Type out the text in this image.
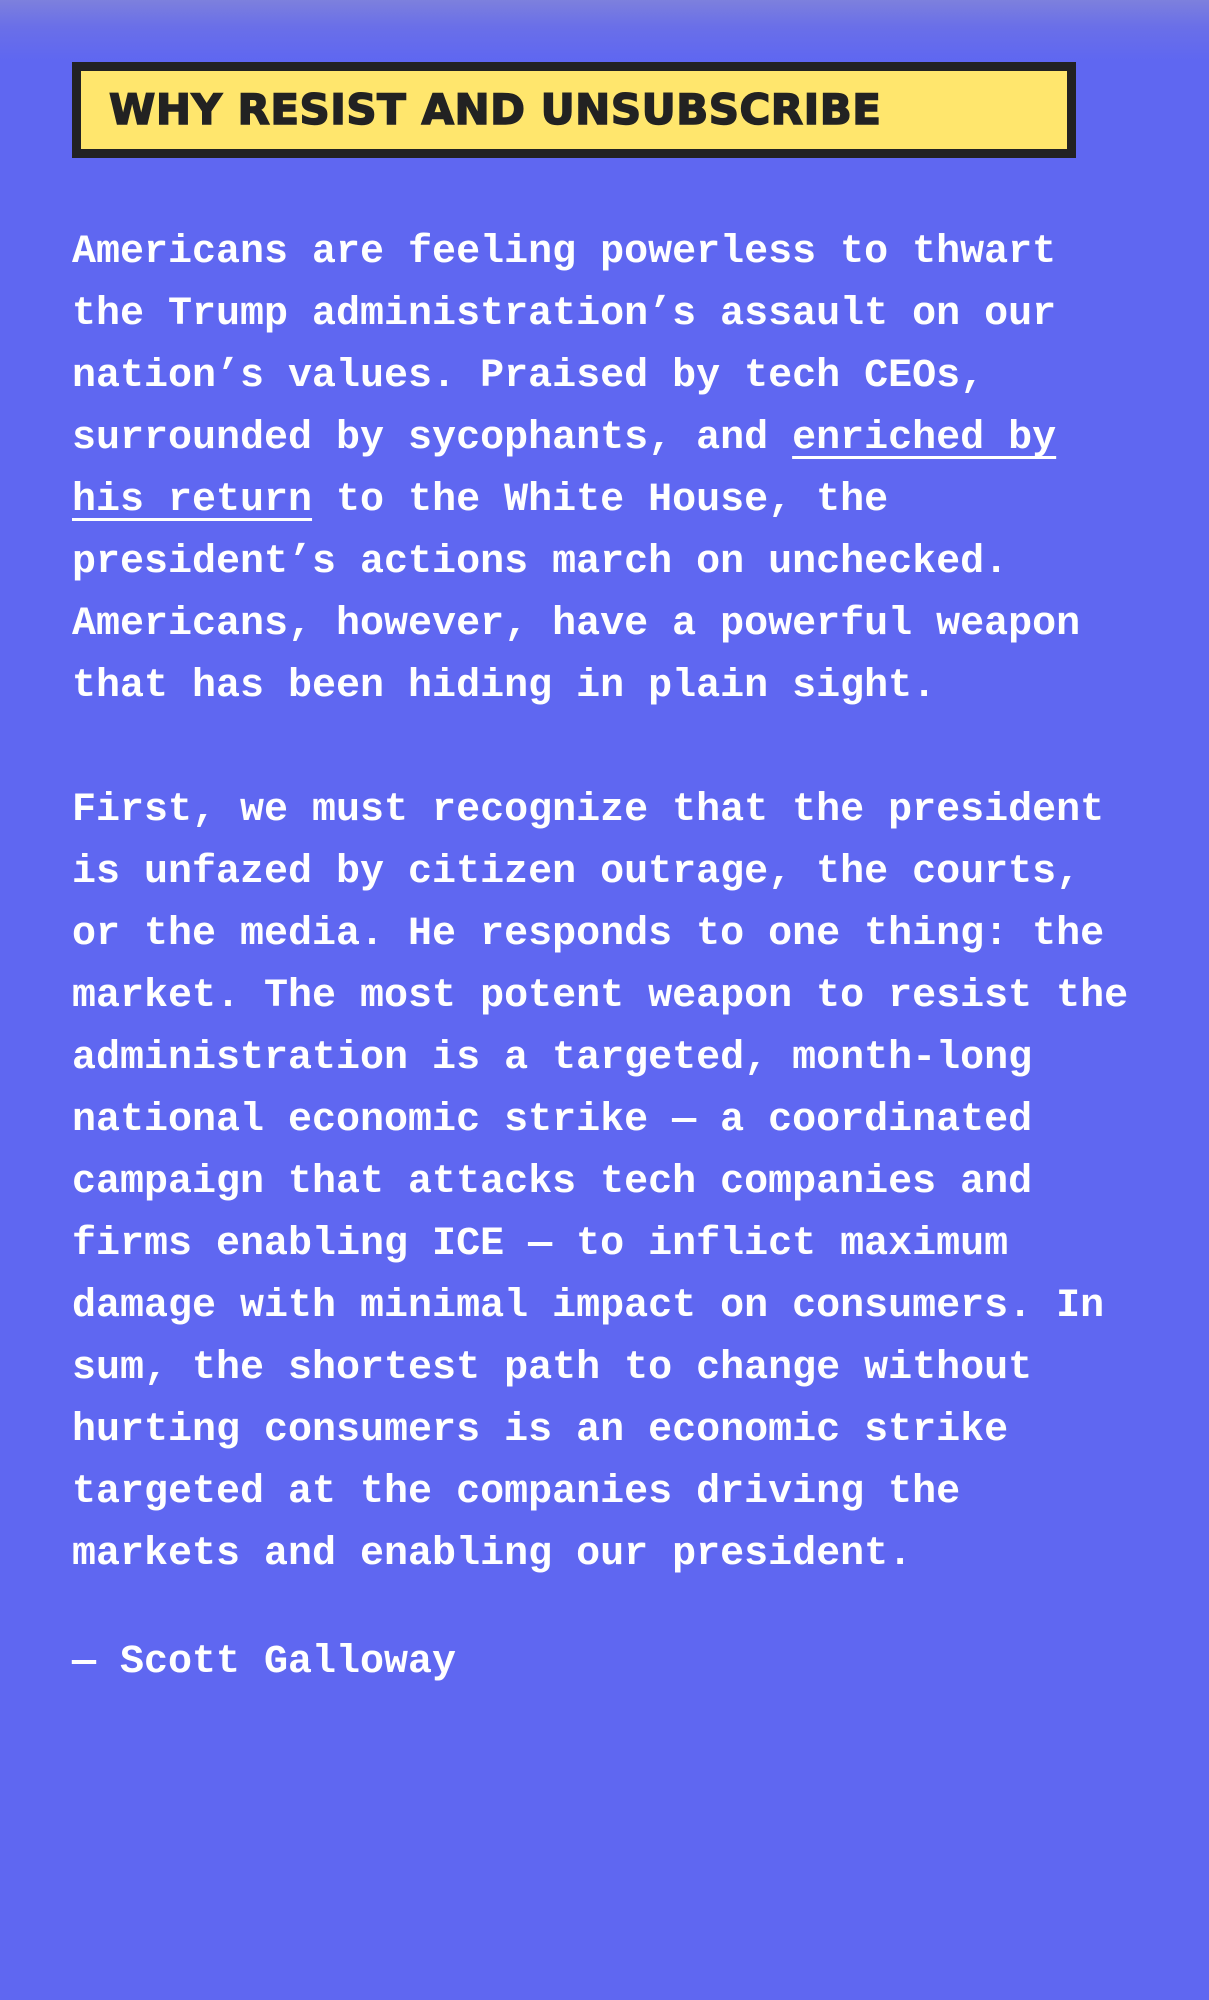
WHY RESIST AND UNSUBSCRIBE

Americans are feeling powerless to thwart the Trump administration’s assault on our nation’s values. Praised by tech CEOs, surrounded by sycophants, and enriched by his return to the White House, the president’s actions march on unchecked. Americans, however, have a powerful weapon that has been hiding in plain sight.

First, we must recognize that the president is unfazed by citizen outrage, the courts, or the media. He responds to one thing: the market. The most potent weapon to resist the administration is a targeted, month-long national economic strike — a coordinated campaign that attacks tech companies and firms enabling ICE — to inflict maximum damage with minimal impact on consumers. In sum, the shortest path to change without hurting consumers is an economic strike targeted at the companies driving the markets and enabling our president.

— Scott Galloway
